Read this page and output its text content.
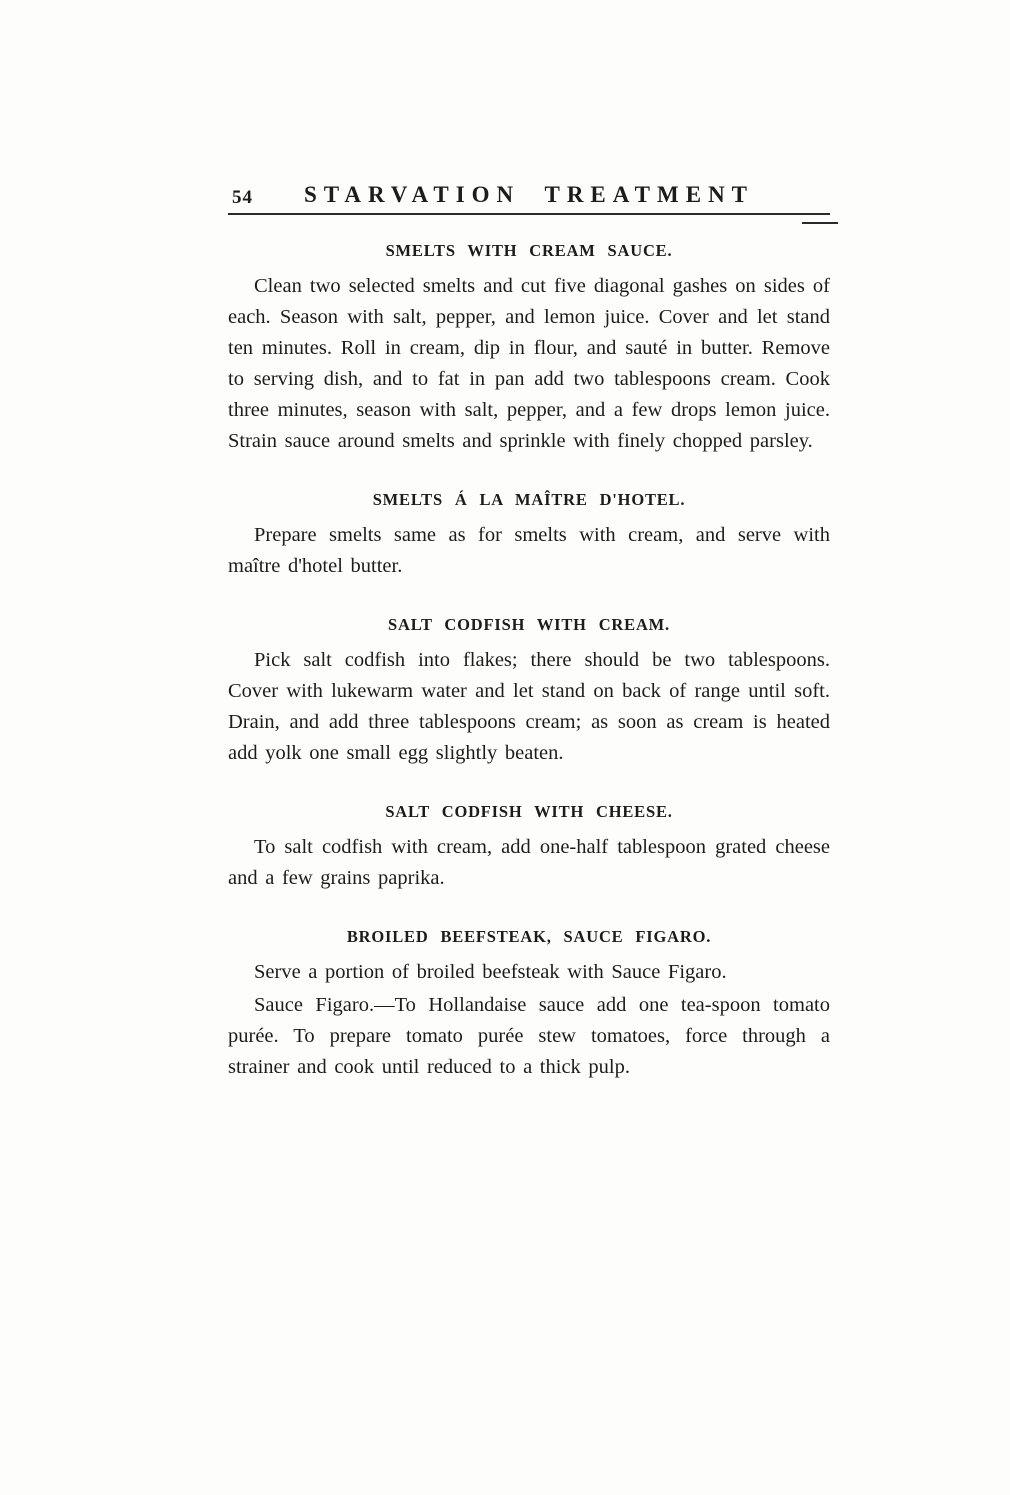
54	STARVATION TREATMENT
SMELTS WITH CREAM SAUCE.

Clean two selected smelts and cut five diagonal gashes on sides of each. Season with salt, pepper, and lemon juice. Cover and let stand ten minutes. Roll in cream, dip in flour, and sauté in butter. Remove to serving dish, and to fat in pan add two tablespoons cream. Cook three minutes, season with salt, pepper, and a few drops lemon juice. Strain sauce around smelts and sprinkle with finely chopped parsley.

SMELTS Á LA MAÎTRE D'HOTEL.

Prepare smelts same as for smelts with cream, and serve with maître d'hotel butter.

SALT CODFISH WITH CREAM.

Pick salt codfish into flakes; there should be two tablespoons. Cover with lukewarm water and let stand on back of range until soft. Drain, and add three tablespoons cream; as soon as cream is heated add yolk one small egg slightly beaten.

SALT CODFISH WITH CHEESE.

To salt codfish with cream, add one-half tablespoon grated cheese and a few grains paprika.

BROILED BEEFSTEAK, SAUCE FIGARO.

Serve a portion of broiled beefsteak with Sauce Figaro.

Sauce Figaro.—To Hollandaise sauce add one tea-spoon tomato purée. To prepare tomato purée stew tomatoes, force through a strainer and cook until reduced to a thick pulp.
